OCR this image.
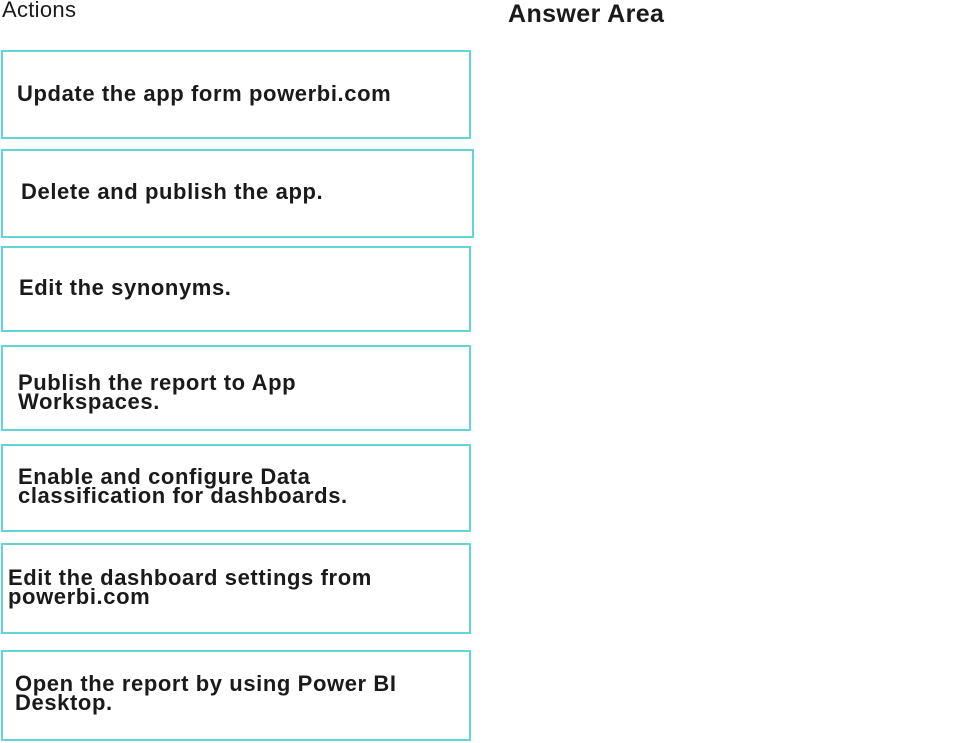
Actions	Answer Area
Update the app form powerbi.com
Delete and publish the app.
Edit the synonyms.
Publish the report to App
Workspaces.
Enable and configure Data
classification for dashboards.
Edit the dashboard settings from
powerbi.com
Open the report by using Power BI
Desktop.
